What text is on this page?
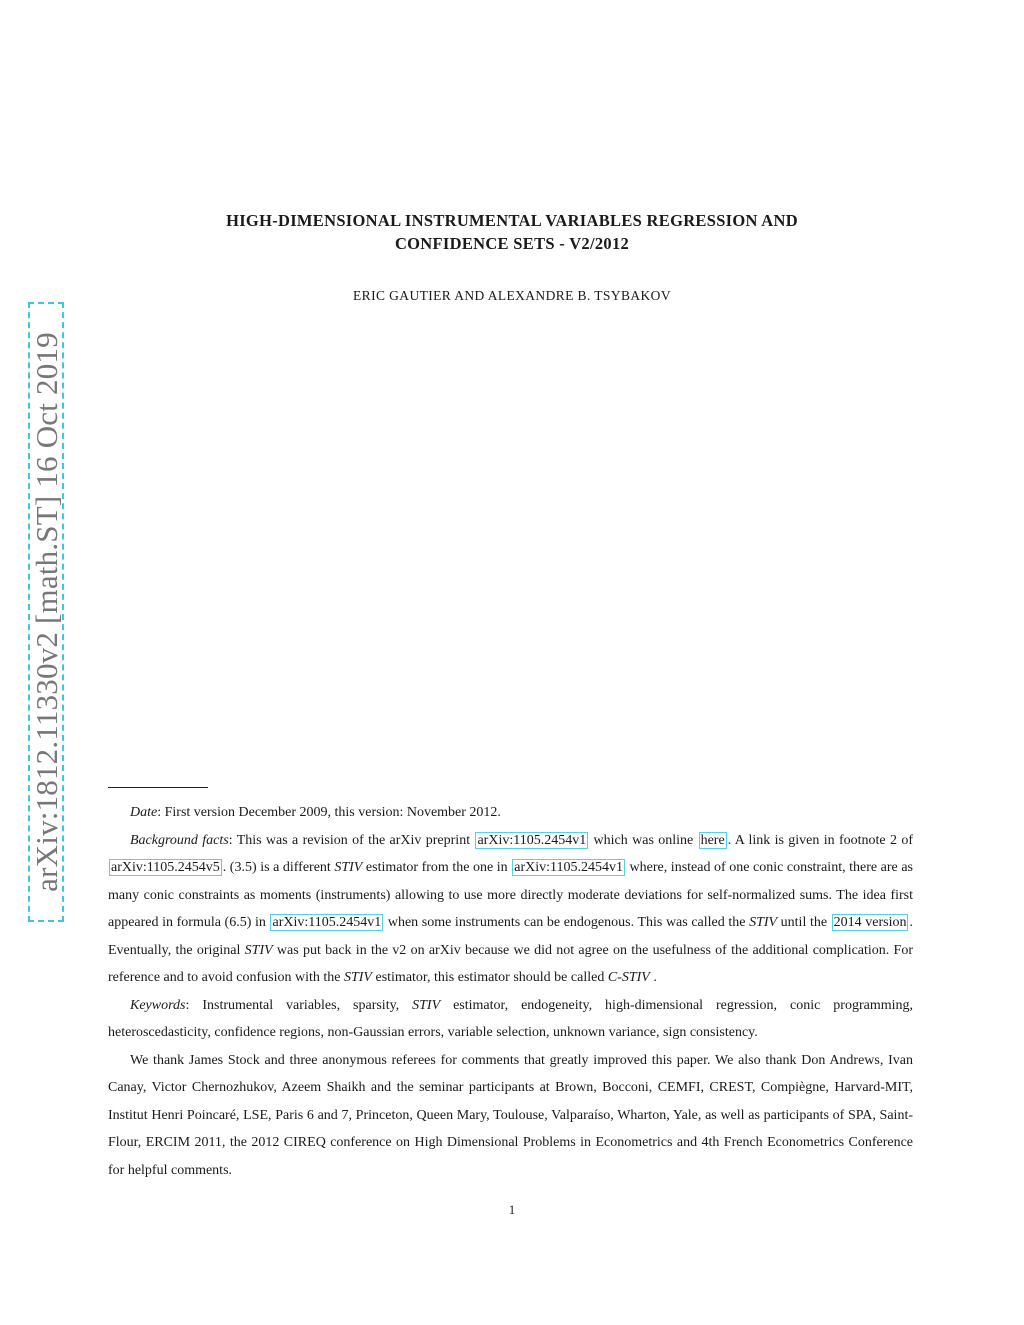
arXiv:1812.11330v2 [math.ST] 16 Oct 2019
HIGH-DIMENSIONAL INSTRUMENTAL VARIABLES REGRESSION AND
CONFIDENCE SETS - V2/2012
ERIC GAUTIER AND ALEXANDRE B. TSYBAKOV

Date: First version December 2009, this version: November 2012.

Background facts: This was a revision of the arXiv preprint arXiv:1105.2454v1 which was online here . A link is given in footnote 2 of arXiv:1105.2454v5 . (3.5) is a different STIV estimator from the one in arXiv:1105.2454v1 where, instead of one conic constraint, there are as many conic constraints as moments (instruments) allowing to use more directly moderate deviations for self-normalized sums. The idea first appeared in formula (6.5) in arXiv:1105.2454v1 when some instruments can be endogenous. This was called the STIV until the 2014 version . Eventually, the original STIV was put back in the v2 on arXiv because we did not agree on the usefulness of the additional complication. For reference and to avoid confusion with the STIV estimator, this estimator should be called C-STIV .

Keywords: Instrumental variables, sparsity, STIV estimator, endogeneity, high-dimensional regression, conic programming, heteroscedasticity, confidence regions, non-Gaussian errors, variable selection, unknown variance, sign consistency.

We thank James Stock and three anonymous referees for comments that greatly improved this paper. We also thank Don Andrews, Ivan Canay, Victor Chernozhukov, Azeem Shaikh and the seminar participants at Brown, Bocconi, CEMFI, CREST, Compiègne, Harvard-MIT, Institut Henri Poincaré, LSE, Paris 6 and 7, Princeton, Queen Mary, Toulouse, Valparaíso, Wharton, Yale, as well as participants of SPA, Saint-Flour, ERCIM 2011, the 2012 CIREQ conference on High Dimensional Problems in Econometrics and 4th French Econometrics Conference for helpful comments.

1
